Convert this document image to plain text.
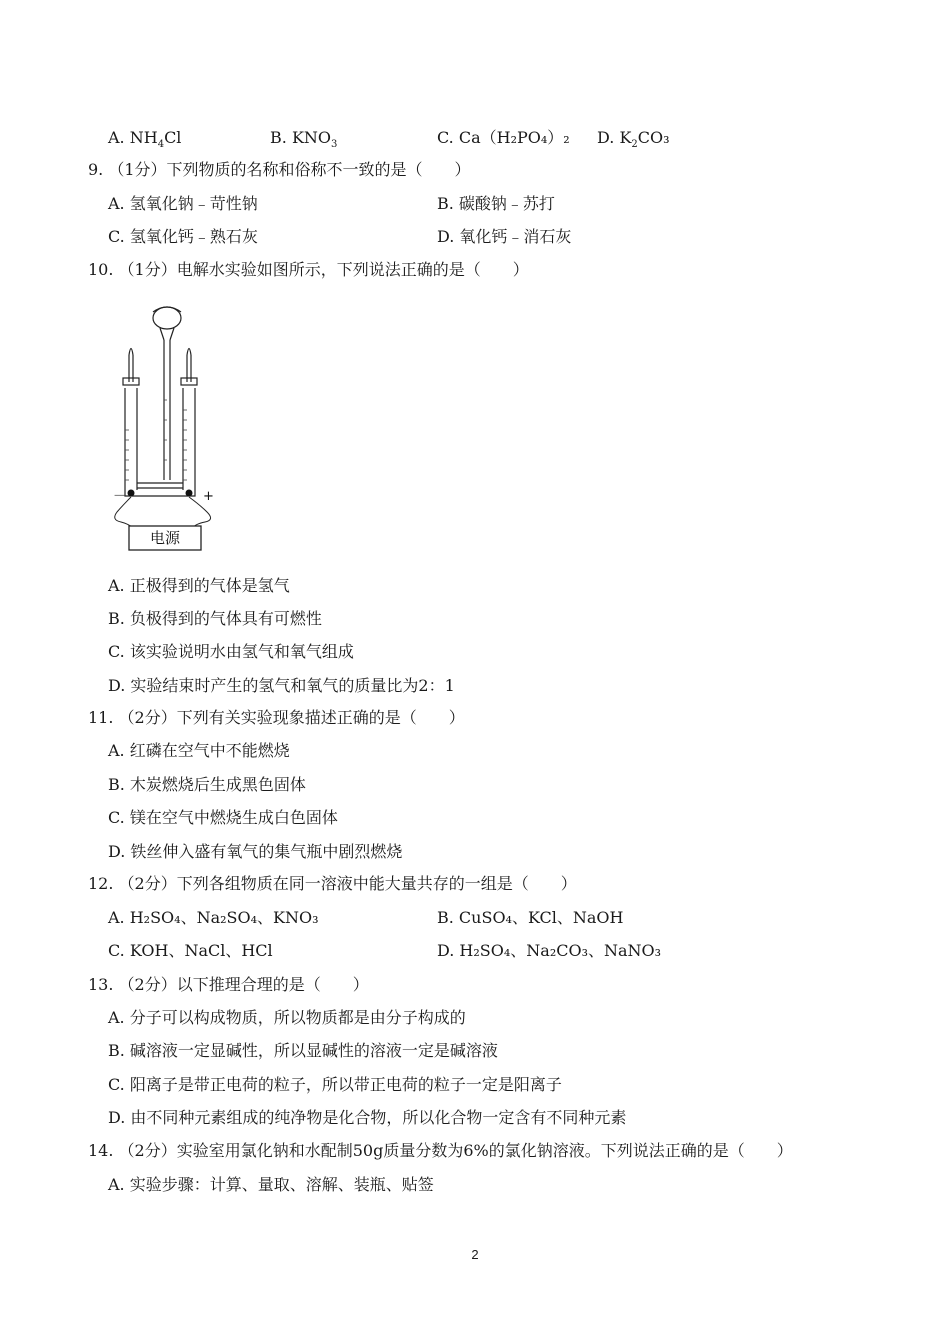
A. $NH_4Cl$	B. $KNO_3$	C. Ca（H₂PO₄）₂ D. $K_2CO_3$
9. （1分）下列物质的名称和俗称不一致的是（　　）
A. 氢氧化钠﹣苛性钠	B. 碳酸钠﹣苏打
C. 氢氧化钙﹣熟石灰	D. 氧化钙﹣消石灰
10. （1分）电解水实验如图所示，下列说法正确的是（　　）
电源
－	+
A. 正极得到的气体是氢气
B. 负极得到的气体具有可燃性
C. 该实验说明水由氢气和氧气组成
D. 实验结束时产生的氢气和氧气的质量比为2：1
11. （2分）下列有关实验现象描述正确的是（　　）
A. 红磷在空气中不能燃烧
B. 木炭燃烧后生成黑色固体
C. 镁在空气中燃烧生成白色固体
D. 铁丝伸入盛有氧气的集气瓶中剧烈燃烧
12. （2分）下列各组物质在同一溶液中能大量共存的一组是（　　）
A. H₂SO₄、Na₂SO₄、KNO₃	B. CuSO₄、KCl、NaOH
C. KOH、NaCl、HCl	D. H₂SO₄、Na₂CO₃、NaNO₃
13. （2分）以下推理合理的是（　　）
A. 分子可以构成物质，所以物质都是由分子构成的
B. 碱溶液一定显碱性，所以显碱性的溶液一定是碱溶液
C. 阳离子是带正电荷的粒子，所以带正电荷的粒子一定是阳离子
D. 由不同种元素组成的纯净物是化合物，所以化合物一定含有不同种元素
14. （2分）实验室用氯化钠和水配制50g质量分数为6%的氯化钠溶液。下列说法正确的是（　　）
A. 实验步骤：计算、量取、溶解、装瓶、贴签
2
